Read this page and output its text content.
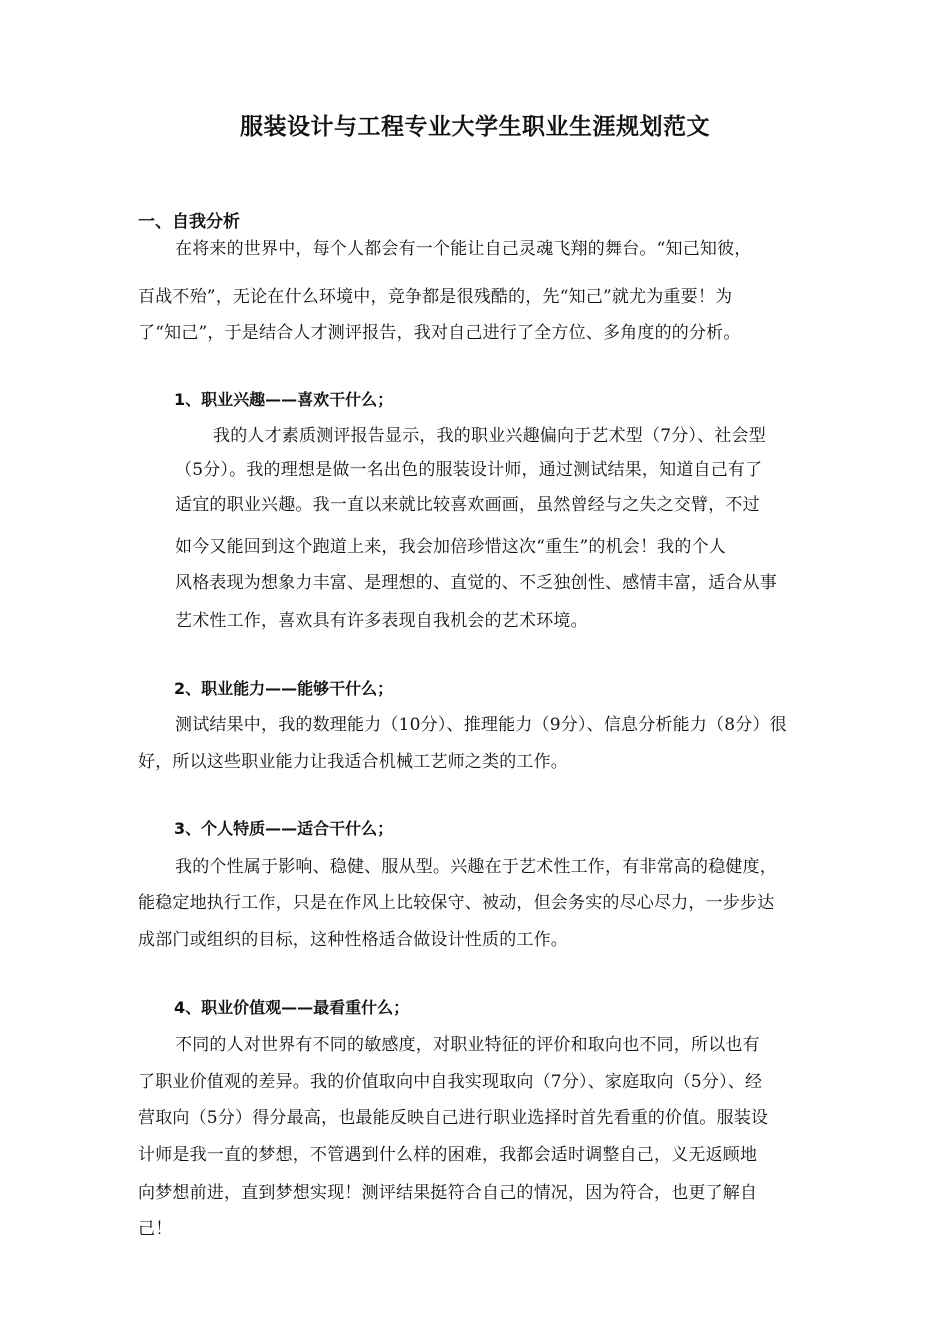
服装设计与工程专业大学生职业生涯规划范文
一、自我分析
在将来的世界中，每个人都会有一个能让自己灵魂飞翔的舞台。“知己知彼，
百战不殆”，无论在什么环境中，竞争都是很残酷的，先“知己”就尤为重要！为
了“知己”，于是结合人才测评报告，我对自己进行了全方位、多角度的的分析。
1、职业兴趣——喜欢干什么；
我的人才素质测评报告显示，我的职业兴趣偏向于艺术型（7分）、社会型
（5分）。我的理想是做一名出色的服装设计师，通过测试结果，知道自己有了
适宜的职业兴趣。我一直以来就比较喜欢画画，虽然曾经与之失之交臂，不过
如今又能回到这个跑道上来，我会加倍珍惜这次“重生”的机会！我的个人
风格表现为想象力丰富、是理想的、直觉的、不乏独创性、感情丰富，适合从事
艺术性工作，喜欢具有许多表现自我机会的艺术环境。
2、职业能力——能够干什么；
测试结果中，我的数理能力（10分）、推理能力（9分）、信息分析能力（8分）很
好，所以这些职业能力让我适合机械工艺师之类的工作。
3、个人特质——适合干什么；
我的个性属于影响、稳健、服从型。兴趣在于艺术性工作，有非常高的稳健度，
能稳定地执行工作，只是在作风上比较保守、被动，但会务实的尽心尽力，一步步达
成部门或组织的目标，这种性格适合做设计性质的工作。
4、职业价值观——最看重什么；
不同的人对世界有不同的敏感度，对职业特征的评价和取向也不同，所以也有
了职业价值观的差异。我的价值取向中自我实现取向（7分）、家庭取向（5分）、经
营取向（5分）得分最高，也最能反映自己进行职业选择时首先看重的价值。服装设
计师是我一直的梦想，不管遇到什么样的困难，我都会适时调整自己，义无返顾地
向梦想前进，直到梦想实现！测评结果挺符合自己的情况，因为符合，也更了解自
己！
